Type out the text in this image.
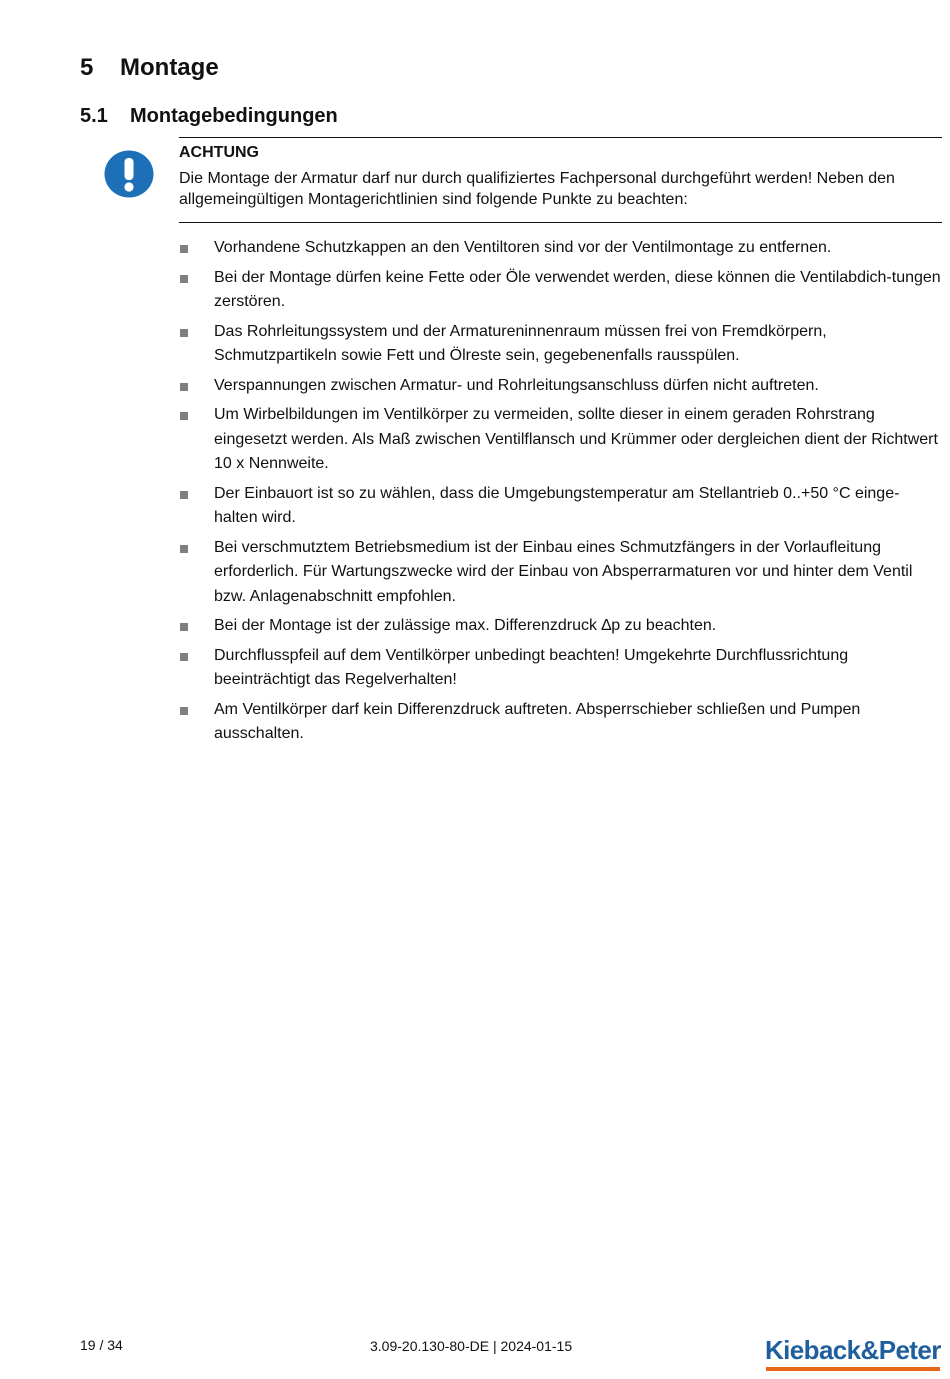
5 Montage
5.1 Montagebedingungen
ACHTUNG
Die Montage der Armatur darf nur durch qualifiziertes Fachpersonal durchgeführt werden! Neben den allgemeingültigen Montagerichtlinien sind folgende Punkte zu beachten:
Vorhandene Schutzkappen an den Ventiltoren sind vor der Ventilmontage zu entfernen.
Bei der Montage dürfen keine Fette oder Öle verwendet werden, diese können die Ventilabdich-tungen zerstören.
Das Rohrleitungssystem und der Armatureninnenraum müssen frei von Fremdkörpern, Schmutzpartikeln sowie Fett und Ölreste sein, gegebenenfalls rausspülen.
Verspannungen zwischen Armatur- und Rohrleitungsanschluss dürfen nicht auftreten.
Um Wirbelbildungen im Ventilkörper zu vermeiden, sollte dieser in einem geraden Rohrstrang eingesetzt werden. Als Maß zwischen Ventilflansch und Krümmer oder dergleichen dient der Richtwert 10 x Nennweite.
Der Einbauort ist so zu wählen, dass die Umgebungstemperatur am Stellantrieb 0..+50 °C einge-halten wird.
Bei verschmutztem Betriebsmedium ist der Einbau eines Schmutzfängers in der Vorlaufleitung erforderlich. Für Wartungszwecke wird der Einbau von Absperrarmaturen vor und hinter dem Ventil bzw. Anlagenabschnitt empfohlen.
Bei der Montage ist der zulässige max. Differenzdruck ∆p zu beachten.
Durchflusspfeil auf dem Ventilkörper unbedingt beachten! Umgekehrte Durchflussrichtung beeinträchtigt das Regelverhalten!
Am Ventilkörper darf kein Differenzdruck auftreten. Absperrschieber schließen und Pumpen ausschalten.
19 / 34	3.09-20.130-80-DE | 2024-01-15	Kieback&Peter
